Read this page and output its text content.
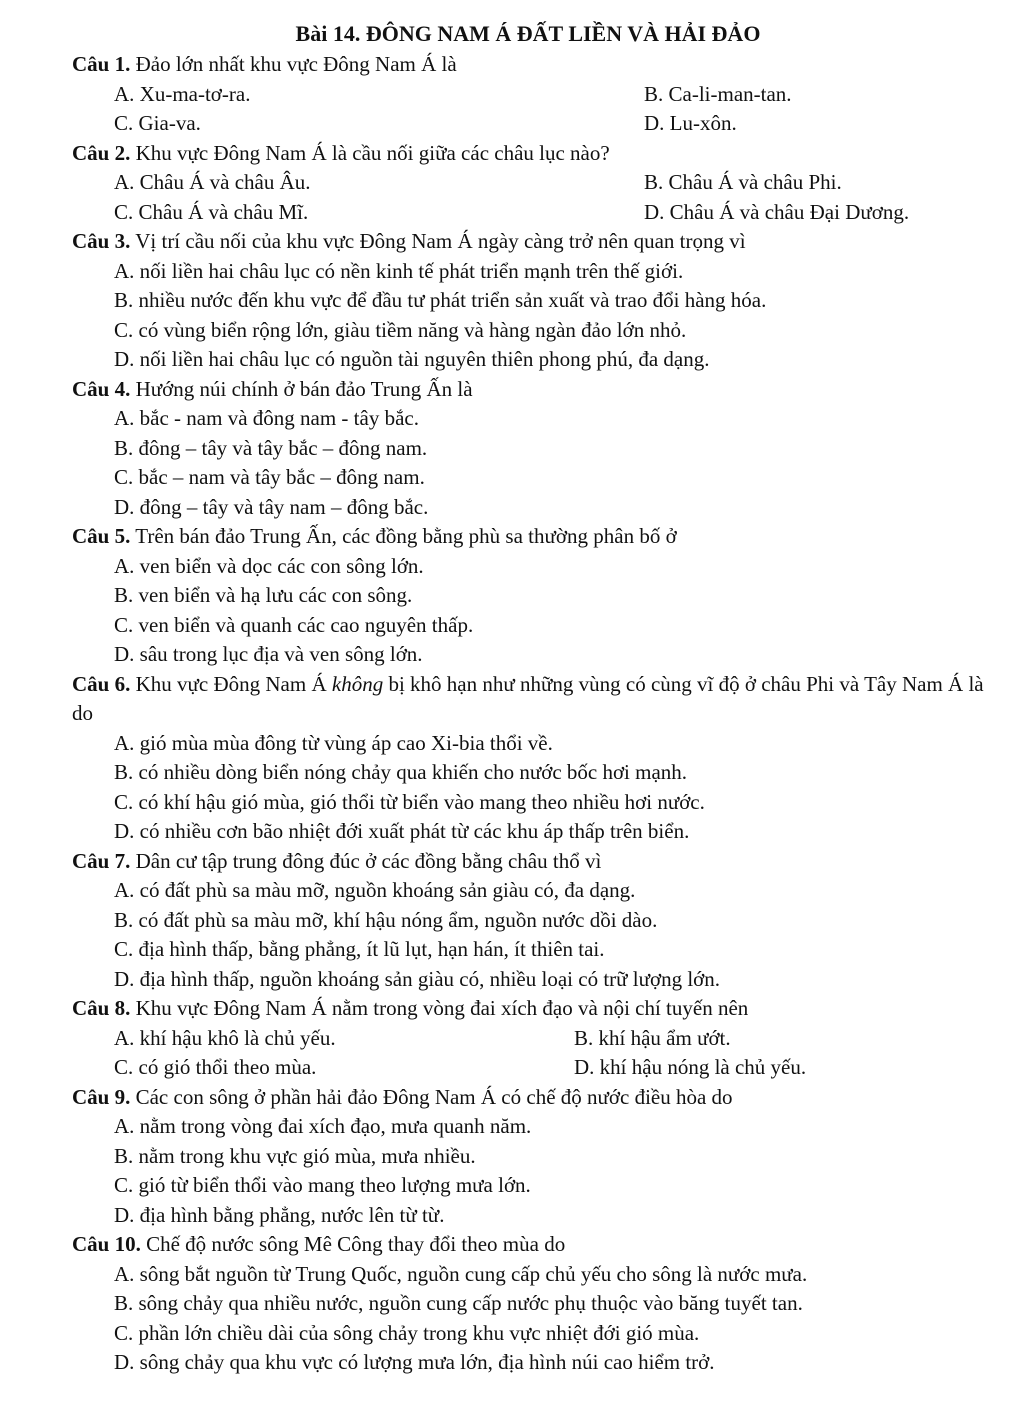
Bài 14. ĐÔNG NAM Á ĐẤT LIỀN VÀ HẢI ĐẢO
Câu 1. Đảo lớn nhất khu vực Đông Nam Á là
A. Xu-ma-tơ-ra.	B. Ca-li-man-tan.
C. Gia-va.	D. Lu-xôn.
Câu 2. Khu vực Đông Nam Á là cầu nối giữa các châu lục nào?
A. Châu Á và châu Âu.	B. Châu Á và châu Phi.
C. Châu Á và châu Mĩ.	D. Châu Á và châu Đại Dương.
Câu 3. Vị trí cầu nối của khu vực Đông Nam Á ngày càng trở nên quan trọng vì
A. nối liền hai châu lục có nền kinh tế phát triển mạnh trên thế giới.
B. nhiều nước đến khu vực để đầu tư phát triển sản xuất và trao đổi hàng hóa.
C. có vùng biển rộng lớn, giàu tiềm năng và hàng ngàn đảo lớn nhỏ.
D. nối liền hai châu lục có nguồn tài nguyên thiên phong phú, đa dạng.
Câu 4. Hướng núi chính ở bán đảo Trung Ấn là
A. bắc - nam và đông nam - tây bắc.
B. đông – tây và tây bắc – đông nam.
C. bắc – nam và tây bắc – đông nam.
D. đông – tây và tây nam – đông bắc.
Câu 5. Trên bán đảo Trung Ấn, các đồng bằng phù sa thường phân bố ở
A. ven biển và dọc các con sông lớn.
B. ven biển và hạ lưu các con sông.
C. ven biển và quanh các cao nguyên thấp.
D. sâu trong lục địa và ven sông lớn.
Câu 6. Khu vực Đông Nam Á không bị khô hạn như những vùng có cùng vĩ độ ở châu Phi và Tây Nam Á là do
A. gió mùa mùa đông từ vùng áp cao Xi-bia thổi về.
B. có nhiều dòng biển nóng chảy qua khiến cho nước bốc hơi mạnh.
C. có khí hậu gió mùa, gió thổi từ biển vào mang theo nhiều hơi nước.
D. có nhiều cơn bão nhiệt đới xuất phát từ các khu áp thấp trên biển.
Câu 7. Dân cư tập trung đông đúc ở các đồng bằng châu thổ vì
A. có đất phù sa màu mỡ, nguồn khoáng sản giàu có, đa dạng.
B. có đất phù sa màu mỡ, khí hậu nóng ẩm, nguồn nước dồi dào.
C. địa hình thấp, bằng phẳng, ít lũ lụt, hạn hán, ít thiên tai.
D. địa hình thấp, nguồn khoáng sản giàu có, nhiều loại có trữ lượng lớn.
Câu 8. Khu vực Đông Nam Á nằm trong vòng đai xích đạo và nội chí tuyến nên
A. khí hậu khô là chủ yếu.	B. khí hậu ẩm ướt.
C. có gió thổi theo mùa.	D. khí hậu nóng là chủ yếu.
Câu 9. Các con sông ở phần hải đảo Đông Nam Á có chế độ nước điều hòa do
A. nằm trong vòng đai xích đạo, mưa quanh năm.
B. nằm trong khu vực gió mùa, mưa nhiều.
C. gió từ biển thổi vào mang theo lượng mưa lớn.
D. địa hình bằng phẳng, nước lên từ từ.
Câu 10. Chế độ nước sông Mê Công thay đổi theo mùa do
A. sông bắt nguồn từ Trung Quốc, nguồn cung cấp chủ yếu cho sông là nước mưa.
B. sông chảy qua nhiều nước, nguồn cung cấp nước phụ thuộc vào băng tuyết tan.
C. phần lớn chiều dài của sông chảy trong khu vực nhiệt đới gió mùa.
D. sông chảy qua khu vực có lượng mưa lớn, địa hình núi cao hiểm trở.
